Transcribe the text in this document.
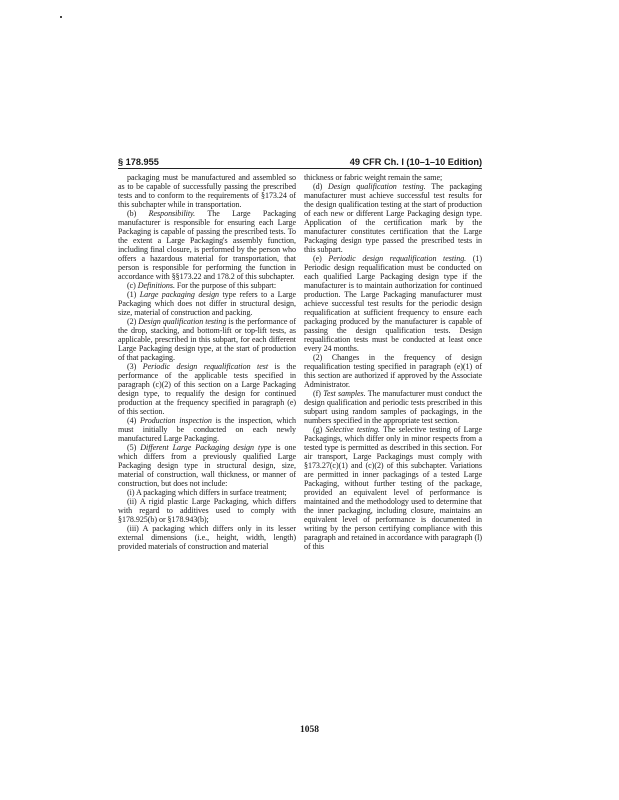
§ 178.955	49 CFR Ch. I (10–1–10 Edition)

packaging must be manufactured and assembled so as to be capable of successfully passing the prescribed tests and to conform to the requirements of §173.24 of this subchapter while in transportation.

(b) Responsibility. The Large Packaging manufacturer is responsible for ensuring each Large Packaging is capable of passing the prescribed tests. To the extent a Large Packaging's assembly function, including final closure, is performed by the person who offers a hazardous material for transportation, that person is responsible for performing the function in accordance with §§173.22 and 178.2 of this subchapter.

(c) Definitions. For the purpose of this subpart:

(1) Large packaging design type refers to a Large Packaging which does not differ in structural design, size, material of construction and packing.

(2) Design qualification testing is the performance of the drop, stacking, and bottom-lift or top-lift tests, as applicable, prescribed in this subpart, for each different Large Packaging design type, at the start of production of that packaging.

(3) Periodic design requalification test is the performance of the applicable tests specified in paragraph (c)(2) of this section on a Large Packaging design type, to requalify the design for continued production at the frequency specified in paragraph (e) of this section.

(4) Production inspection is the inspection, which must initially be conducted on each newly manufactured Large Packaging.

(5) Different Large Packaging design type is one which differs from a previously qualified Large Packaging design type in structural design, size, material of construction, wall thickness, or manner of construction, but does not include:

(i) A packaging which differs in surface treatment;

(ii) A rigid plastic Large Packaging, which differs with regard to additives used to comply with §178.925(b) or §178.943(b);

(iii) A packaging which differs only in its lesser external dimensions (i.e., height, width, length) provided materials of construction and material

thickness or fabric weight remain the same;

(d) Design qualification testing. The packaging manufacturer must achieve successful test results for the design qualification testing at the start of production of each new or different Large Packaging design type. Application of the certification mark by the manufacturer constitutes certification that the Large Packaging design type passed the prescribed tests in this subpart.

(e) Periodic design requalification testing. (1) Periodic design requalification must be conducted on each qualified Large Packaging design type if the manufacturer is to maintain authorization for continued production. The Large Packaging manufacturer must achieve successful test results for the periodic design requalification at sufficient frequency to ensure each packaging produced by the manufacturer is capable of passing the design qualification tests. Design requalification tests must be conducted at least once every 24 months.

(2) Changes in the frequency of design requalification testing specified in paragraph (e)(1) of this section are authorized if approved by the Associate Administrator.

(f) Test samples. The manufacturer must conduct the design qualification and periodic tests prescribed in this subpart using random samples of packagings, in the numbers specified in the appropriate test section.

(g) Selective testing. The selective testing of Large Packagings, which differ only in minor respects from a tested type is permitted as described in this section. For air transport, Large Packagings must comply with §173.27(c)(1) and (c)(2) of this subchapter. Variations are permitted in inner packagings of a tested Large Packaging, without further testing of the package, provided an equivalent level of performance is maintained and the methodology used to determine that the inner packaging, including closure, maintains an equivalent level of performance is documented in writing by the person certifying compliance with this paragraph and retained in accordance with paragraph (l) of this

1058
